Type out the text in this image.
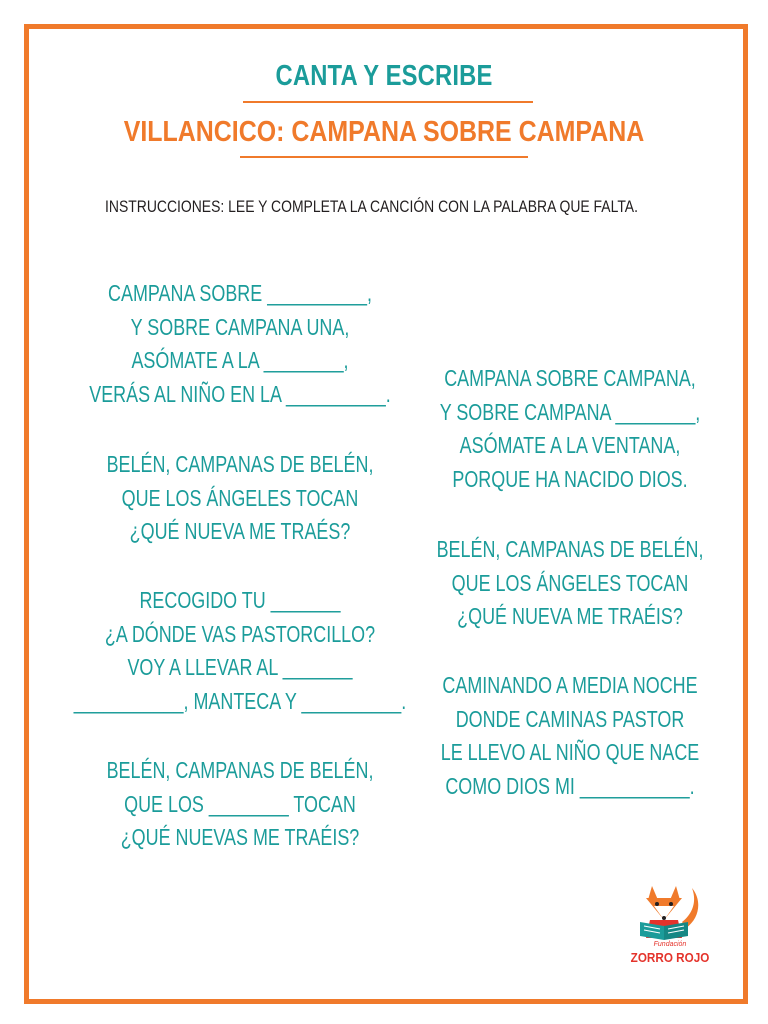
CANTA Y ESCRIBE
VILLANCICO: CAMPANA SOBRE CAMPANA
INSTRUCCIONES: LEE Y COMPLETA LA CANCIÓN CON LA PALABRA QUE FALTA.
CAMPANA SOBRE __________,
Y SOBRE CAMPANA UNA,
ASÓMATE A LA ________,
VERÁS AL NIÑO EN LA __________.
BELÉN, CAMPANAS DE BELÉN,
QUE LOS ÁNGELES TOCAN
¿QUÉ NUEVA ME TRAÉS?
RECOGIDO TU _______
¿A DÓNDE VAS PASTORCILLO?
VOY A LLEVAR AL _______
___________, MANTECA Y __________.
BELÉN, CAMPANAS DE BELÉN,
QUE LOS ________ TOCAN
¿QUÉ NUEVAS ME TRAÉIS?
CAMPANA SOBRE CAMPANA,
Y SOBRE CAMPANA ________,
ASÓMATE A LA VENTANA,
PORQUE HA NACIDO DIOS.
BELÉN, CAMPANAS DE BELÉN,
QUE LOS ÁNGELES TOCAN
¿QUÉ NUEVA ME TRAÉIS?
CAMINANDO A MEDIA NOCHE
DONDE CAMINAS PASTOR
LE LLEVO AL NIÑO QUE NACE
COMO DIOS MI ___________.
Fundación
ZORRO ROJO
